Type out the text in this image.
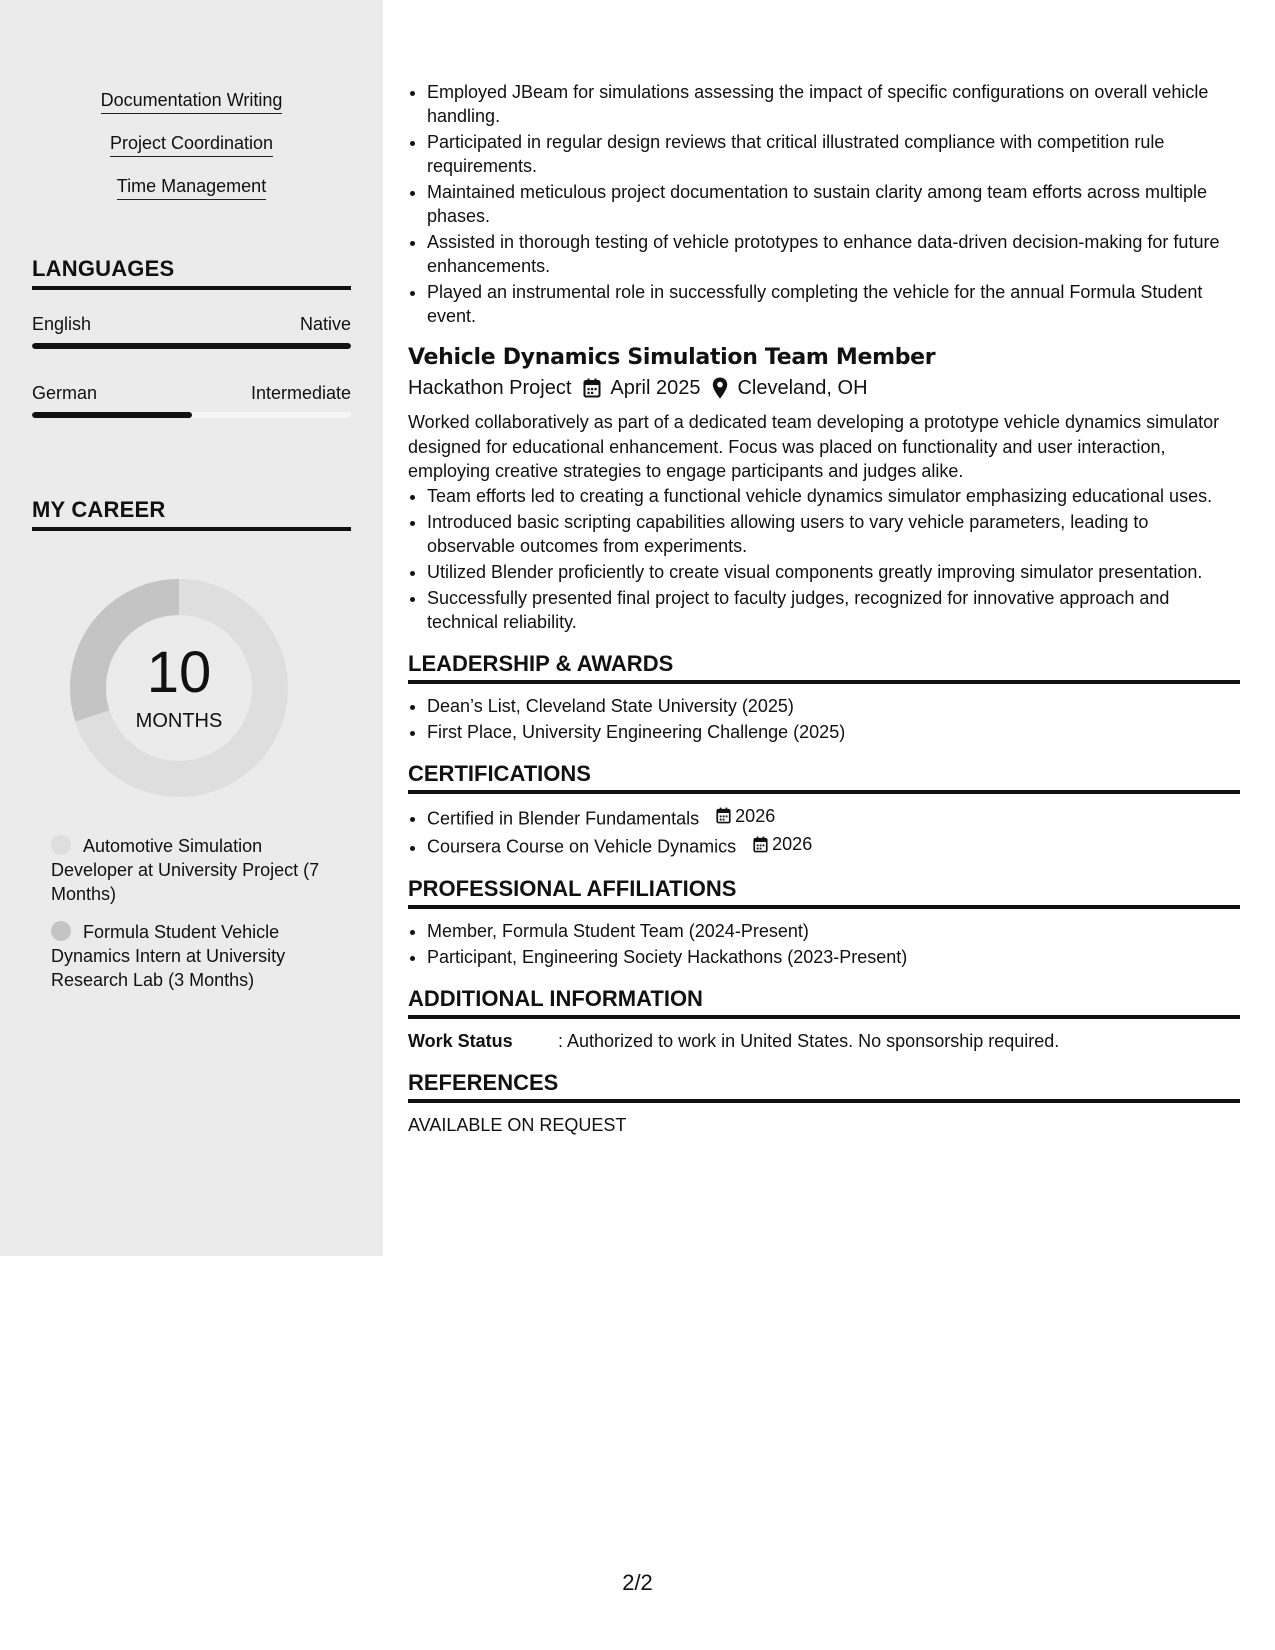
Documentation Writing
Project Coordination
Time Management
LANGUAGES
English	Native
German	Intermediate
MY CAREER
10
MONTHS
Automotive Simulation Developer at University Project (7 Months)
Formula Student Vehicle Dynamics Intern at University Research Lab (3 Months)
• Employed JBeam for simulations assessing the impact of specific configurations on overall vehicle handling.
• Participated in regular design reviews that critical illustrated compliance with competition rule requirements.
• Maintained meticulous project documentation to sustain clarity among team efforts across multiple phases.
• Assisted in thorough testing of vehicle prototypes to enhance data-driven decision-making for future enhancements.
• Played an instrumental role in successfully completing the vehicle for the annual Formula Student event.
Vehicle Dynamics Simulation Team Member
Hackathon Project April 2025 Cleveland, OH
Worked collaboratively as part of a dedicated team developing a prototype vehicle dynamics simulator designed for educational enhancement. Focus was placed on functionality and user interaction, employing creative strategies to engage participants and judges alike.
• Team efforts led to creating a functional vehicle dynamics simulator emphasizing educational uses.
• Introduced basic scripting capabilities allowing users to vary vehicle parameters, leading to observable outcomes from experiments.
• Utilized Blender proficiently to create visual components greatly improving simulator presentation.
• Successfully presented final project to faculty judges, recognized for innovative approach and technical reliability.
LEADERSHIP & AWARDS
• Dean’s List, Cleveland State University (2025)
• First Place, University Engineering Challenge (2025)
CERTIFICATIONS
• Certified in Blender Fundamentals 2026
• Coursera Course on Vehicle Dynamics 2026
PROFESSIONAL AFFILIATIONS
• Member, Formula Student Team (2024-Present)
• Participant, Engineering Society Hackathons (2023-Present)
ADDITIONAL INFORMATION
Work Status	: Authorized to work in United States. No sponsorship required.
REFERENCES
AVAILABLE ON REQUEST
2/2
